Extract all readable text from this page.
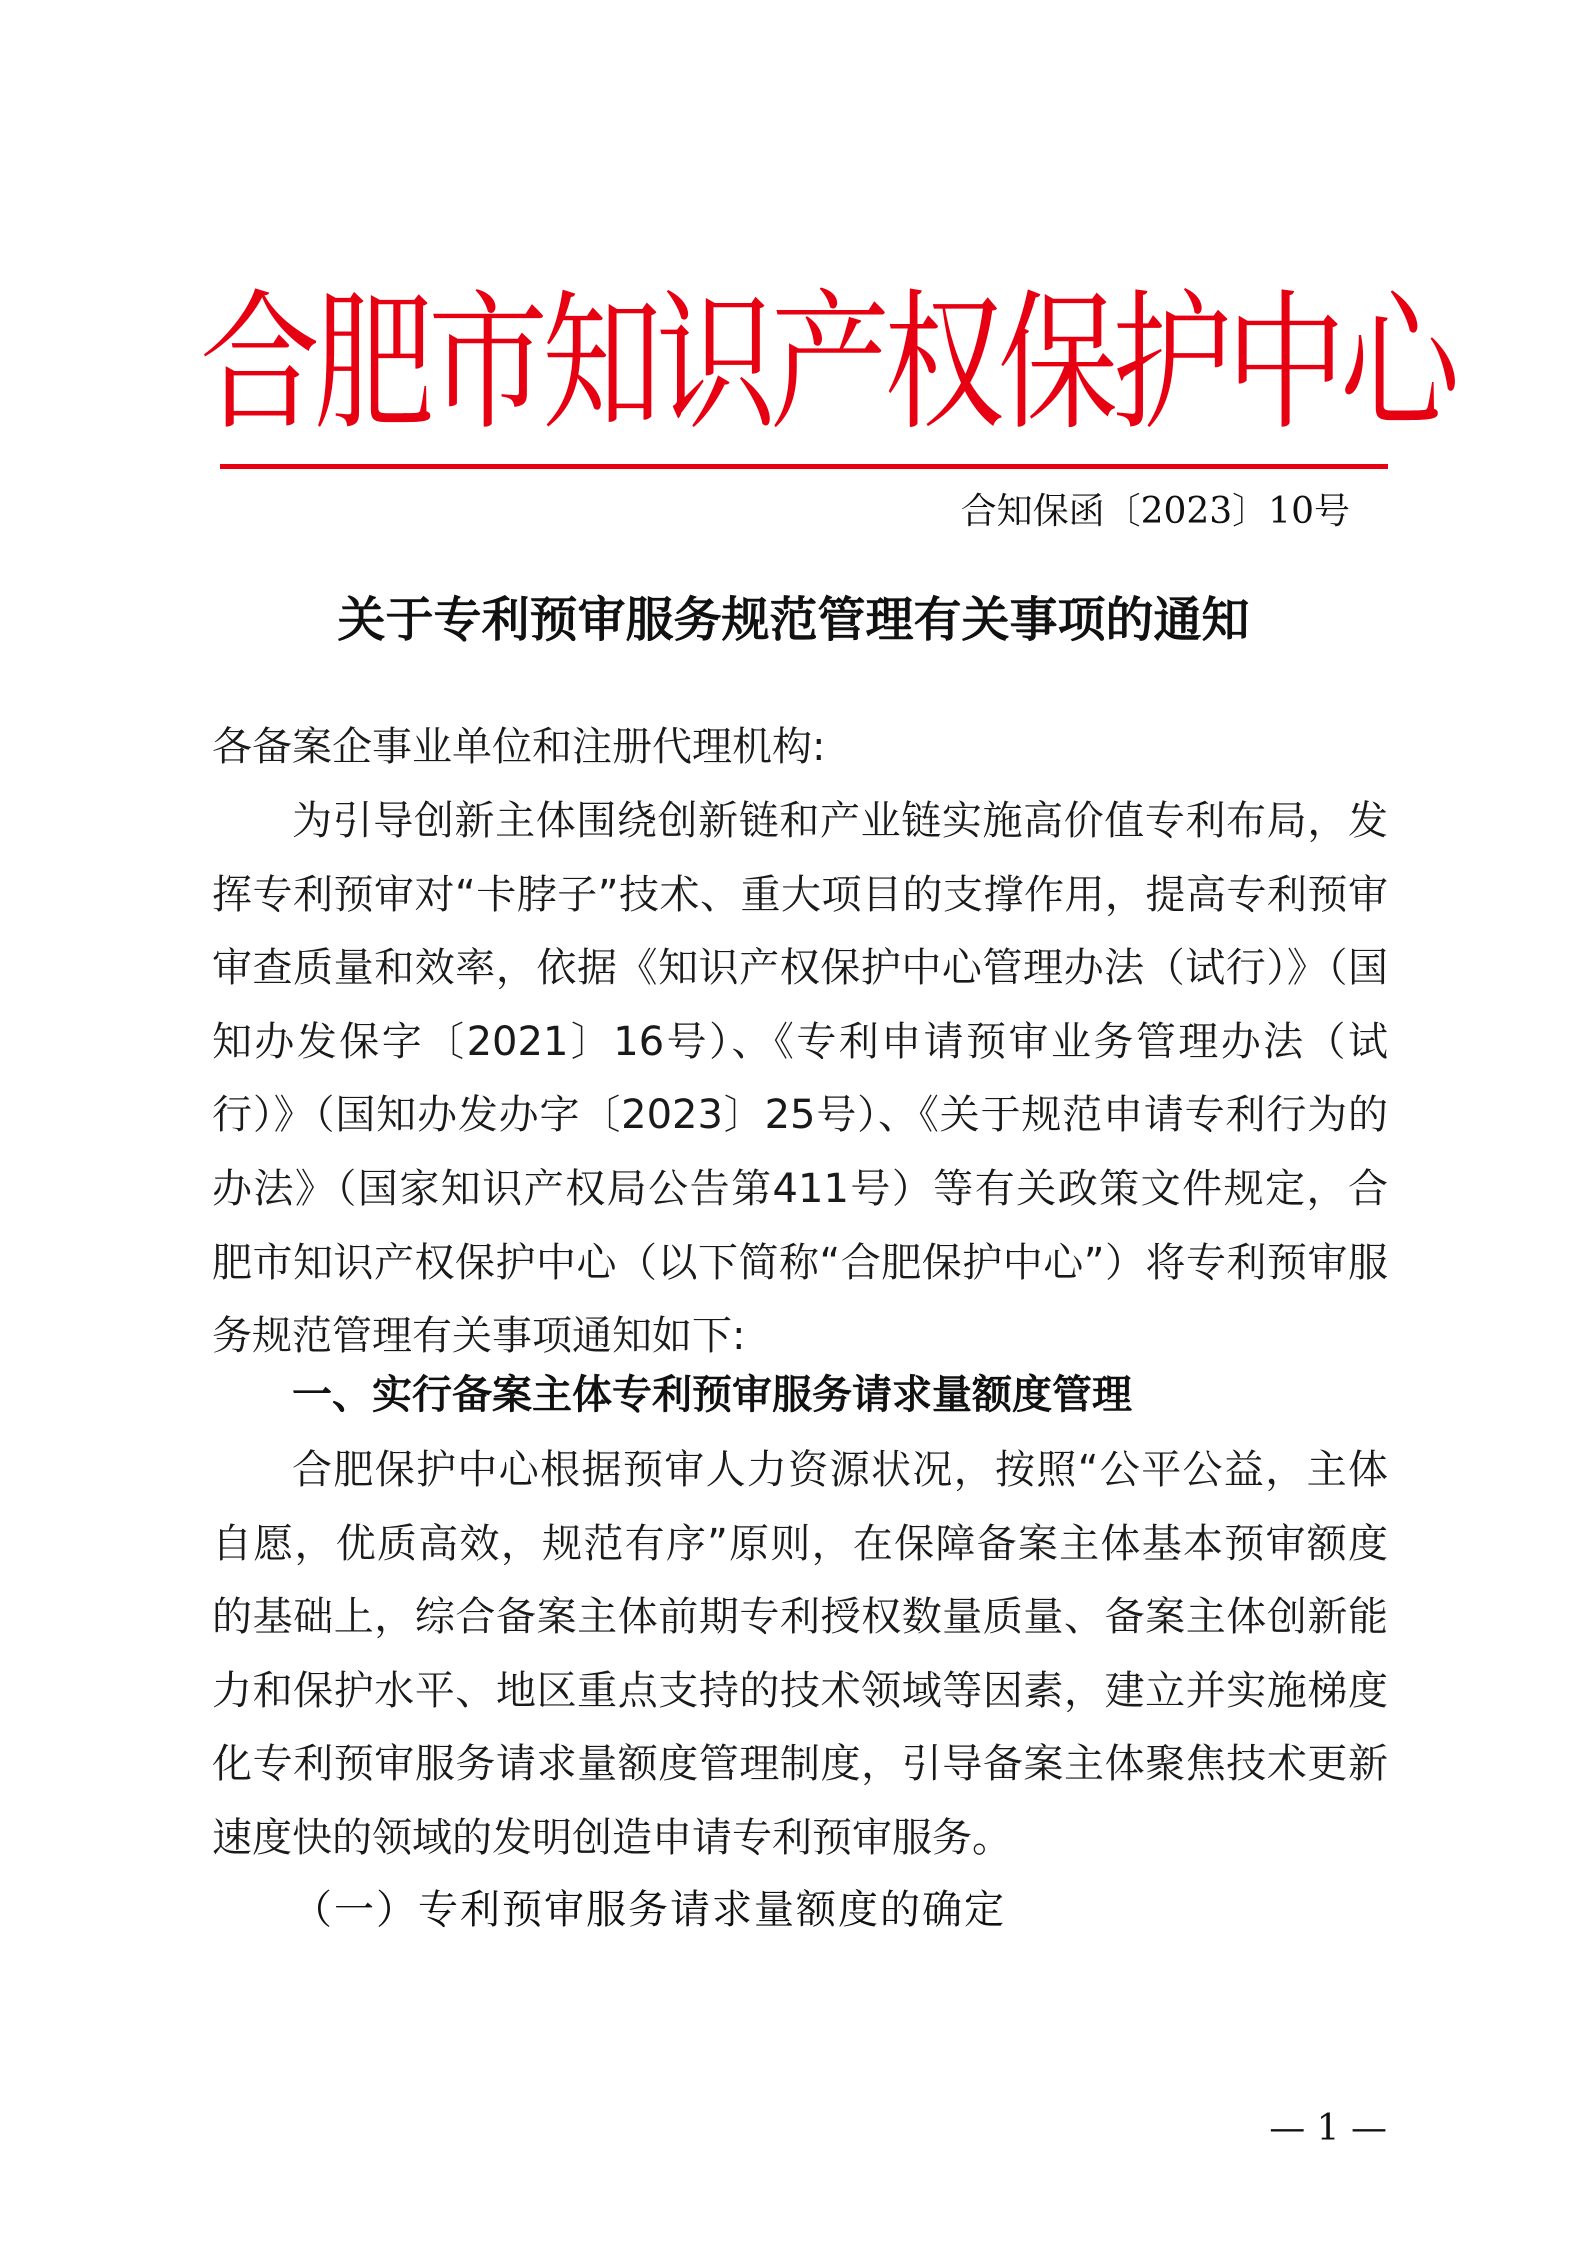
合肥市知识产权保护中心
合知保函〔2023〕10号
关于专利预审服务规范管理有关事项的通知
各备案企事业单位和注册代理机构:

为引导创新主体围绕创新链和产业链实施高价值专利布局，发挥专利预审对“卡脖子”技术、重大项目的支撑作用，提高专利预审审查质量和效率，依据《知识产权保护中心管理办法（试行）》（国知办发保字〔2021〕16号）、《专利申请预审业务管理办法（试行）》（国知办发办字〔2023〕25号）、《关于规范申请专利行为的办法》（国家知识产权局公告第411号）等有关政策文件规定，合肥市知识产权保护中心（以下简称“合肥保护中心”）将专利预审服务规范管理有关事项通知如下:

一、实行备案主体专利预审服务请求量额度管理

合肥保护中心根据预审人力资源状况，按照“公平公益，主体自愿，优质高效，规范有序”原则，在保障备案主体基本预审额度的基础上，综合备案主体前期专利授权数量质量、备案主体创新能力和保护水平、地区重点支持的技术领域等因素，建立并实施梯度化专利预审服务请求量额度管理制度，引导备案主体聚焦技术更新速度快的领域的发明创造申请专利预审服务。

（一）专利预审服务请求量额度的确定
— 1 —
